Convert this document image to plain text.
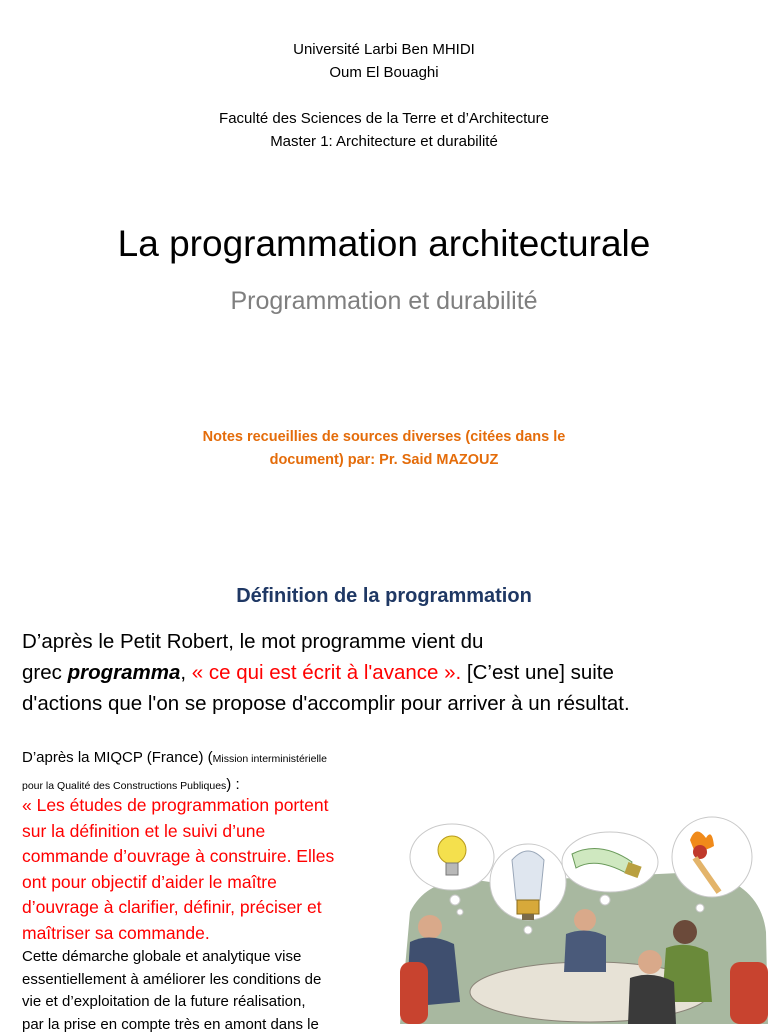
Université Larbi Ben MHIDI
Oum El Bouaghi
Faculté des Sciences de la Terre et d’Architecture
Master 1: Architecture et durabilité
La programmation architecturale
Programmation et durabilité
Notes recueillies de sources diverses (citées dans le
document) par: Pr. Said MAZOUZ
Définition de la programmation
D’après le Petit Robert, le mot programme vient du
grec programma, « ce qui est écrit à l'avance ». [C’est une] suite
d'actions que l'on se propose d'accomplir pour arriver à un résultat.
D’après la MIQCP (France) (Mission interministérielle
pour la Qualité des Constructions Publiques) :
« Les études de programmation portent
sur la définition et le suivi d’une
commande d’ouvrage à construire. Elles
ont pour objectif d’aider le maître
d’ouvrage à clarifier, définir, préciser et
maîtriser sa commande.
Cette démarche globale et analytique vise
essentiellement à améliorer les conditions de
vie et d’exploitation de la future réalisation,
par la prise en compte très en amont dans le
